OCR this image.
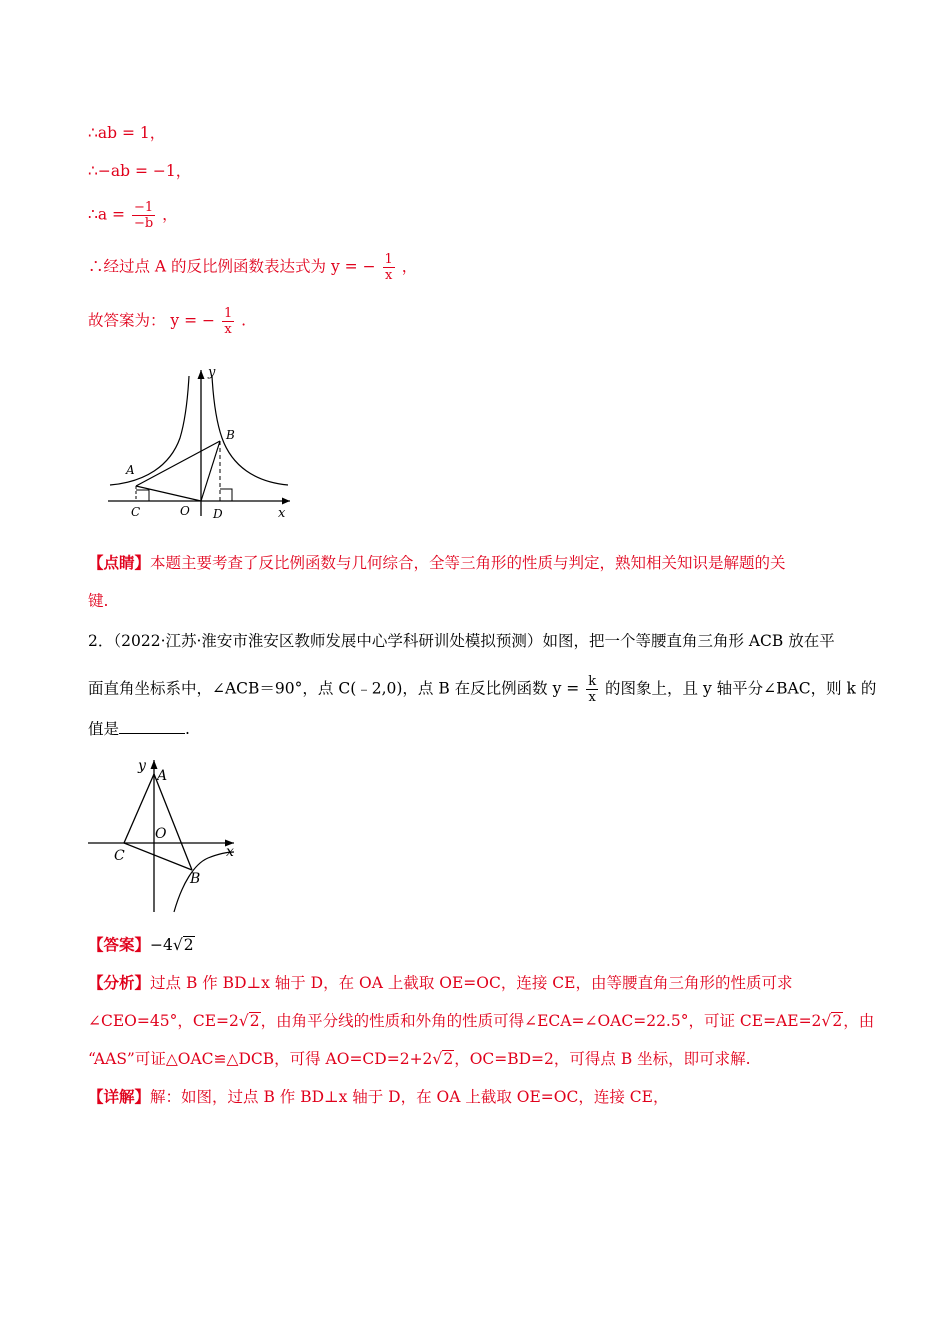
∴ab = 1，
∴−ab = −1，
∴a = $\frac{-1}{-b}$ ，
∴经过点 A 的反比例函数表达式为 y = − $\frac{1}{x}$ ，
故答案为： y = − $\frac{1}{x}$ .
y
x
A
B
C	O D
【点睛】本题主要考查了反比例函数与几何综合，全等三角形的性质与判定，熟知相关知识是解题的关
键.
2．（2022·江苏·淮安市淮安区教师发展中心学科研训处模拟预测）如图，把一个等腰直角三角形 ACB 放在平
面直角坐标系中，∠ACB＝90°，点 C(﹣2,0)，点 B 在反比例函数 $y = \frac{k}{x}$ 的图象上，且 y 轴平分∠BAC，则 k 的
值是	.
y
A
O
C	x
B
【答案】−4√2
【分析】过点 B 作 BD⊥x 轴于 D，在 OA 上截取 OE=OC，连接 CE，由等腰直角三角形的性质可求
∠CEO=45°，CE=2√2，由角平分线的性质和外角的性质可得∠ECA=∠OAC=22.5°，可证 CE=AE=2√2，由
“AAS”可证△OAC≌△DCB，可得 AO=CD=2+2√2，OC=BD=2，可得点 B 坐标，即可求解.
【详解】解：如图，过点 B 作 BD⊥x 轴于 D，在 OA 上截取 OE=OC，连接 CE，
